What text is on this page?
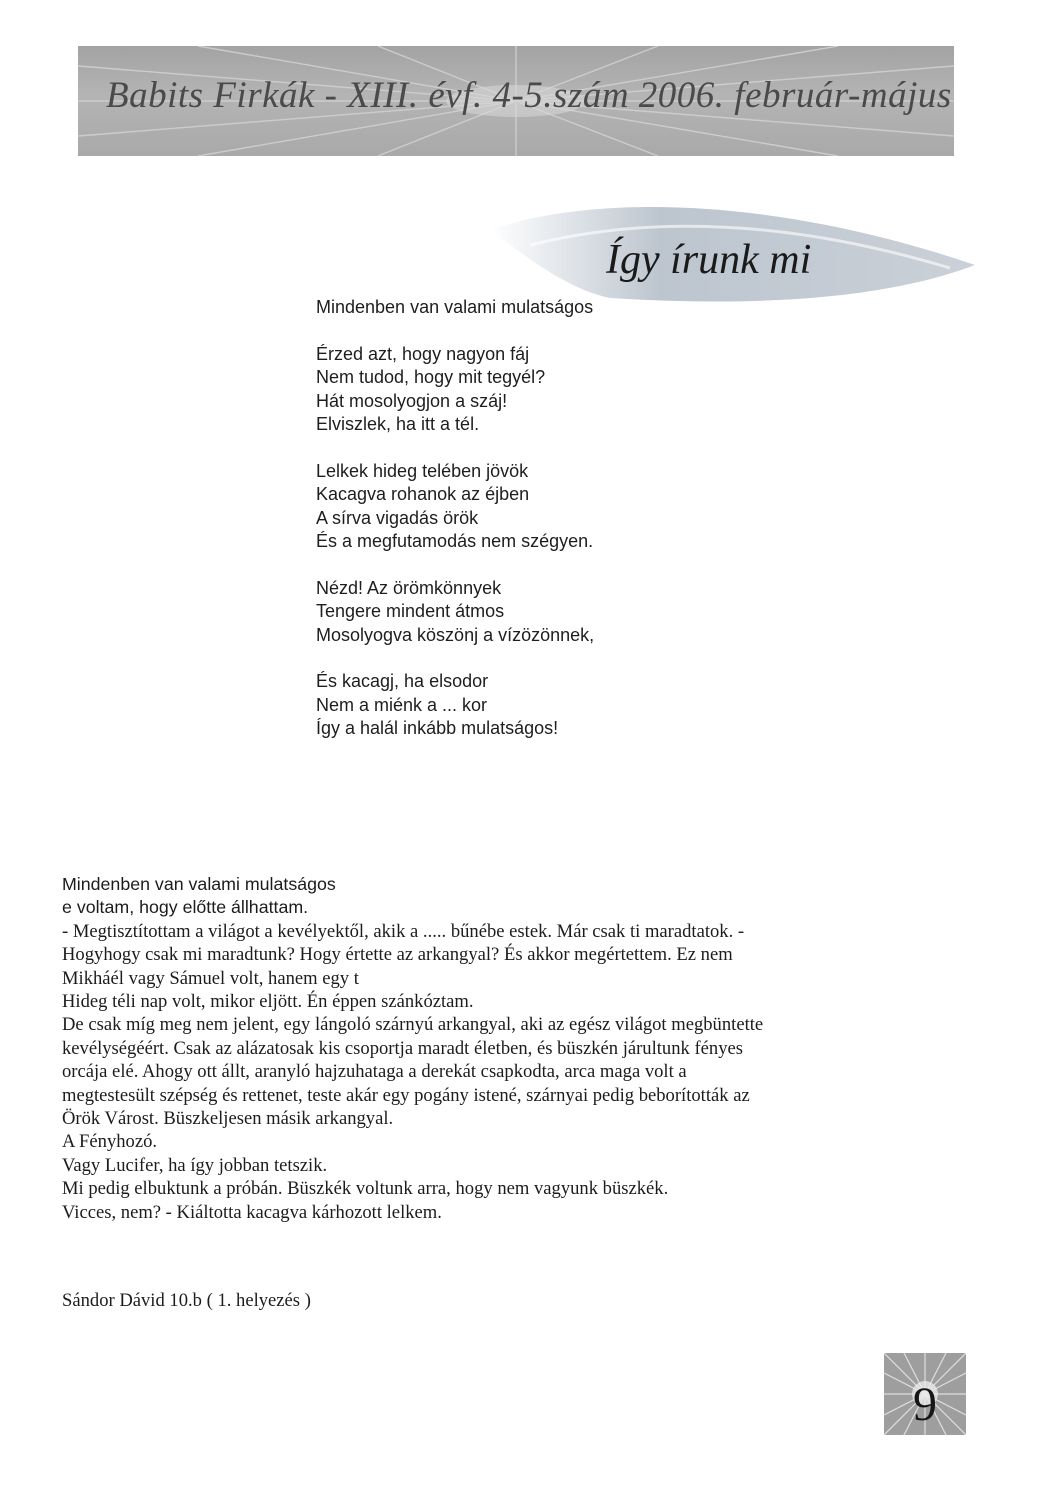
Babits Firkák - XIII. évf. 4-5.szám 2006. február-május
Így írunk mi
Mindenben van valami mulatságos
Érzed azt, hogy nagyon fáj
Nem tudod, hogy mit tegyél?
Hát mosolyogjon a száj!
Elviszlek, ha itt a tél.
Lelkek hideg telében jövök
Kacagva rohanok az éjben
A sírva vigadás örök
És a megfutamodás nem szégyen.
Nézd! Az örömkönnyek
Tengere mindent átmos
Mosolyogva köszönj a vízözönnek,
És kacagj, ha elsodor
Nem a miénk a ... kor
Így a halál inkább mulatságos!
Mindenben van valami mulatságos
e voltam, hogy előtte állhattam.
- Megtisztítottam a világot a kevélyektől, akik a ..... bűnébe estek. Már csak ti maradtatok. -
Hogyhogy csak mi maradtunk? Hogy értette az arkangyal? És akkor megértettem. Ez nem
Mikháél vagy Sámuel volt, hanem egy t
Hideg téli nap volt, mikor eljött. Én éppen szánkóztam.
De csak míg meg nem jelent, egy lángoló szárnyú arkangyal, aki az egész világot megbüntette
kevélységéért. Csak az alázatosak kis csoportja maradt életben, és büszkén járultunk fényes
orcája elé. Ahogy ott állt, aranyló hajzuhataga a derekát csapkodta, arca maga volt a
megtestesült szépség és rettenet, teste akár egy pogány istené, szárnyai pedig beborították az
Örök Várost. Büszkeljesen másik arkangyal.
A Fényhozó.
Vagy Lucifer, ha így jobban tetszik.
Mi pedig elbuktunk a próbán. Büszkék voltunk arra, hogy nem vagyunk büszkék.
Vicces, nem? - Kiáltotta kacagva kárhozott lelkem.
Sándor Dávid 10.b ( 1. helyezés )
9
